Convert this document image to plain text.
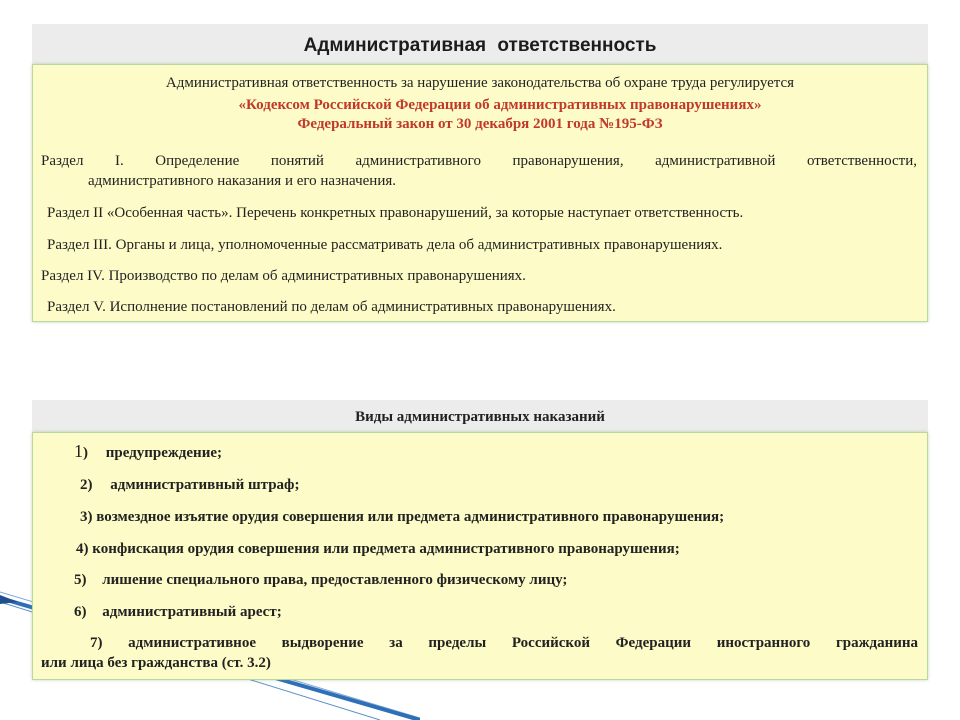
Административная ответственность
Административная ответственность за нарушение законодательства об охране труда регулируется
«Кодексом Российской Федерации об административных правонарушениях»
Федеральный закон от 30 декабря 2001 года №195-ФЗ
Раздел I. Определение понятий административного правонарушения, административной ответственности,
административного наказания и его назначения.
Раздел II «Особенная часть». Перечень конкретных правонарушений, за которые наступает ответственность.
Раздел III. Органы и лица, уполномоченные рассматривать дела об административных правонарушениях.
Раздел IV. Производство по делам об административных правонарушениях.
Раздел V. Исполнение постановлений по делам об административных правонарушениях.
Виды административных наказаний
1) предупреждение;
2) административный штраф;
3) возмездное изъятие орудия совершения или предмета административного правонарушения;
4) конфискация орудия совершения или предмета административного правонарушения;
5) лишение специального права, предоставленного физическому лицу;
6) административный арест;
7) административное выдворение за пределы Российской Федерации иностранного гражданина
или лица без гражданства (ст. 3.2)
